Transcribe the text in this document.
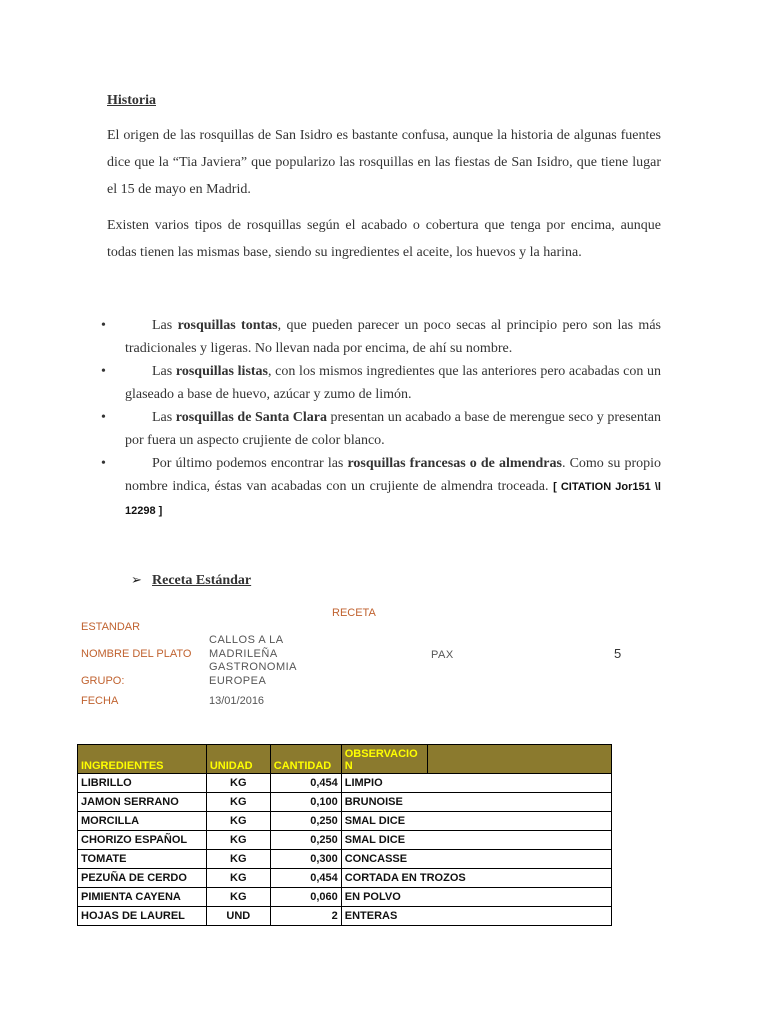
Historia

El origen de las rosquillas de San Isidro es bastante confusa, aunque la historia de algunas fuentes dice que la “Tia Javiera” que popularizo las rosquillas en las fiestas de San Isidro, que tiene lugar el 15 de mayo en Madrid.

Existen varios tipos de rosquillas según el acabado o cobertura que tenga por encima, aunque todas tienen las mismas base, siendo su ingredientes el aceite, los huevos y la harina.

•	Las rosquillas tontas, que pueden parecer un poco secas al principio pero son las más tradicionales y ligeras. No llevan nada por encima, de ahí su nombre.
•	Las rosquillas listas, con los mismos ingredientes que las anteriores pero acabadas con un glaseado a base de huevo, azúcar y zumo de limón.
•	Las rosquillas de Santa Clara presentan un acabado a base de merengue seco y presentan por fuera un aspecto crujiente de color blanco.
•	Por último podemos encontrar las rosquillas francesas o de almendras. Como su propio nombre indica, éstas van acabadas con un crujiente de almendra troceada. [ CITATION Jor151 \l 12298 ]
➢ Receta Estándar
RECETA
ESTANDAR
NOMBRE DEL PLATO
CALLOS A LA
MADRILEÑA
GASTRONOMIA
PAX	5
GRUPO:	EUROPEA
FECHA	13/01/2016
INGREDIENTES	UNIDAD	CANTIDAD	OBSERVACIO
N	

LIBRILLO	KG	0,454	LIMPIO	
JAMON SERRANO	KG	0,100	BRUNOISE	
MORCILLA	KG	0,250	SMAL DICE	
CHORIZO ESPAÑOL	KG	0,250	SMAL DICE	
TOMATE	KG	0,300	CONCASSE	
PEZUÑA DE CERDO	KG	0,454	CORTADA EN TROZOS	
PIMIENTA CAYENA	KG	0,060	EN POLVO	
HOJAS DE LAUREL	UND	2	ENTERAS	
